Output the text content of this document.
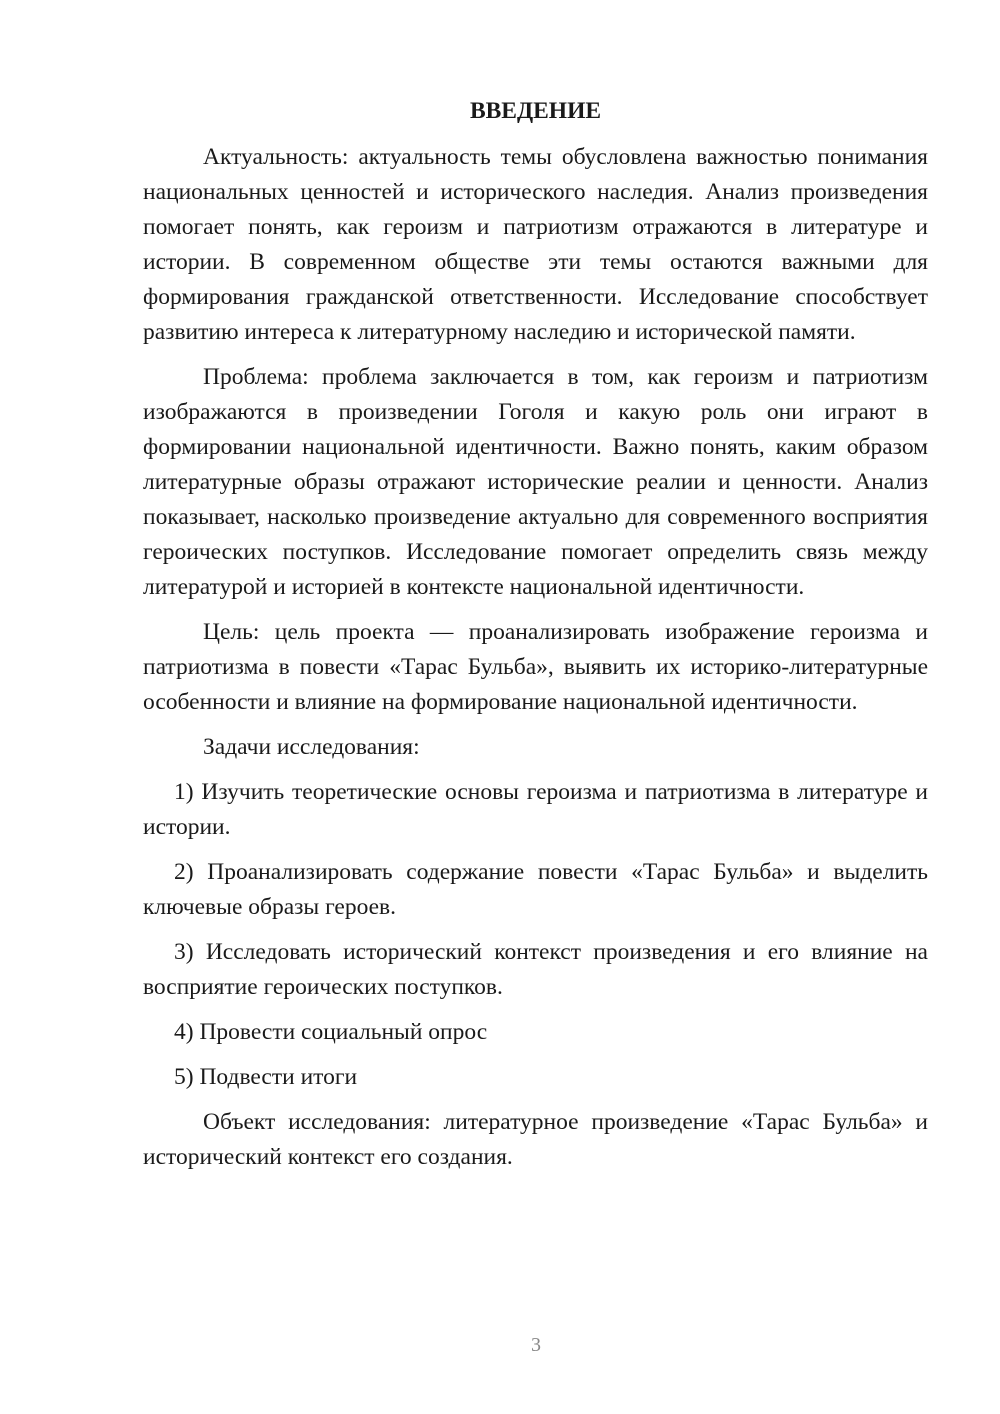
ВВЕДЕНИЕ

Актуальность: актуальность темы обусловлена важностью понимания национальных ценностей и исторического наследия. Анализ произведения помогает понять, как героизм и патриотизм отражаются в литературе и истории. В современном обществе эти темы остаются важными для формирования гражданской ответственности. Исследование способствует развитию интереса к литературному наследию и исторической памяти.

Проблема: проблема заключается в том, как героизм и патриотизм изображаются в произведении Гоголя и какую роль они играют в формировании национальной идентичности. Важно понять, каким образом литературные образы отражают исторические реалии и ценности. Анализ показывает, насколько произведение актуально для современного восприятия героических поступков. Исследование помогает определить связь между литературой и историей в контексте национальной идентичности.

Цель: цель проекта — проанализировать изображение героизма и патриотизма в повести «Тарас Бульба», выявить их историко-литературные особенности и влияние на формирование национальной идентичности.

Задачи исследования:

1) Изучить теоретические основы героизма и патриотизма в литературе и истории.

2) Проанализировать содержание повести «Тарас Бульба» и выделить ключевые образы героев.

3) Исследовать исторический контекст произведения и его влияние на восприятие героических поступков.

4) Провести социальный опрос

5) Подвести итоги

Объект исследования: литературное произведение «Тарас Бульба» и исторический контекст его создания.

3
